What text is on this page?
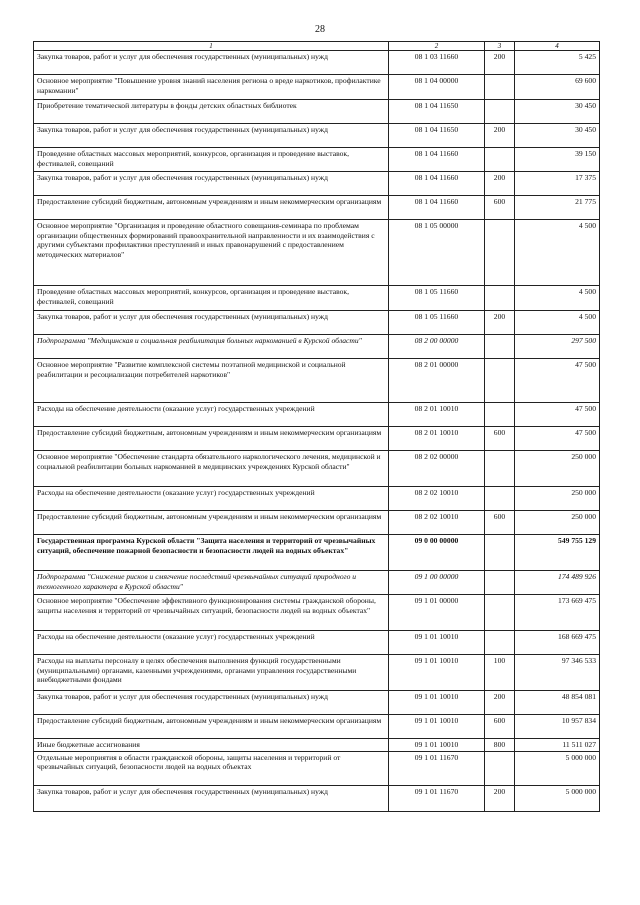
28
1	2	3	4
Закупка товаров, работ и услуг для обеспечения государственных (муниципальных) нужд	08 1 03 11660	200	5 425
Основное мероприятие "Повышение уровня знаний населения региона о вреде наркотиков, профилактике наркомании"	08 1 04 00000		69 600
Приобретение тематической литературы в фонды детских областных библиотек	08 1 04 11650		30 450
Закупка товаров, работ и услуг для обеспечения государственных (муниципальных) нужд	08 1 04 11650	200	30 450
Проведение областных массовых мероприятий, конкурсов, организация и проведение выставок, фестивалей, совещаний	08 1 04 11660		39 150
Закупка товаров, работ и услуг для обеспечения государственных (муниципальных) нужд	08 1 04 11660	200	17 375
Предоставление субсидий бюджетным, автономным учреждениям и иным некоммерческим организациям	08 1 04 11660	600	21 775
Основное мероприятие "Организация и проведение областного совещания-семинара по проблемам организации общественных формирований правоохранительной направленности и их взаимодействия с другими субъектами профилактики преступлений и иных правонарушений с предоставлением методических материалов"	08 1 05 00000		4 500
Проведение областных массовых мероприятий, конкурсов, организация и проведение выставок, фестивалей, совещаний	08 1 05 11660		4 500
Закупка товаров, работ и услуг для обеспечения государственных (муниципальных) нужд	08 1 05 11660	200	4 500
Подпрограмма "Медицинская и социальная реабилитация больных наркоманией в Курской области"	08 2 00 00000		297 500
Основное мероприятие "Развитие комплексной системы поэтапной медицинской и социальной реабилитации и ресоциализации потребителей наркотиков"	08 2 01 00000		47 500
Расходы на обеспечение деятельности (оказание услуг) государственных учреждений	08 2 01 10010		47 500
Предоставление субсидий бюджетным, автономным учреждениям и иным некоммерческим организациям	08 2 01 10010	600	47 500
Основное мероприятие "Обеспечение стандарта обязательного наркологического лечения, медицинской и социальной реабилитации больных наркоманией в медицинских учреждениях Курской области"	08 2 02 00000		250 000
Расходы на обеспечение деятельности (оказание услуг) государственных учреждений	08 2 02 10010		250 000
Предоставление субсидий бюджетным, автономным учреждениям и иным некоммерческим организациям	08 2 02 10010	600	250 000
Государственная программа Курской области "Защита населения и территорий от чрезвычайных ситуаций, обеспечение пожарной безопасности и безопасности людей на водных объектах"	09 0 00 00000		549 755 129
Подпрограмма "Снижение рисков и смягчение последствий чрезвычайных ситуаций природного и техногенного характера в Курской области"	09 1 00 00000		174 489 926
Основное мероприятие "Обеспечение эффективного функционирования системы гражданской обороны, защиты населения и территорий от чрезвычайных ситуаций, безопасности людей на водных объектах"	09 1 01 00000		173 669 475
Расходы на обеспечение деятельности (оказание услуг) государственных учреждений	09 1 01 10010		168 669 475
Расходы на выплаты персоналу в целях обеспечения выполнения функций государственными (муниципальными) органами, казенными учреждениями, органами управления государственными внебюджетными фондами	09 1 01 10010	100	97 346 533
Закупка товаров, работ и услуг для обеспечения государственных (муниципальных) нужд	09 1 01 10010	200	48 854 081
Предоставление субсидий бюджетным, автономным учреждениям и иным некоммерческим организациям	09 1 01 10010	600	10 957 834
Иные бюджетные ассигнования	09 1 01 10010	800	11 511 027
Отдельные мероприятия в области гражданской обороны, защиты населения и территорий от чрезвычайных ситуаций, безопасности людей на водных объектах	09 1 01 11670		5 000 000
Закупка товаров, работ и услуг для обеспечения государственных (муниципальных) нужд	09 1 01 11670	200	5 000 000
